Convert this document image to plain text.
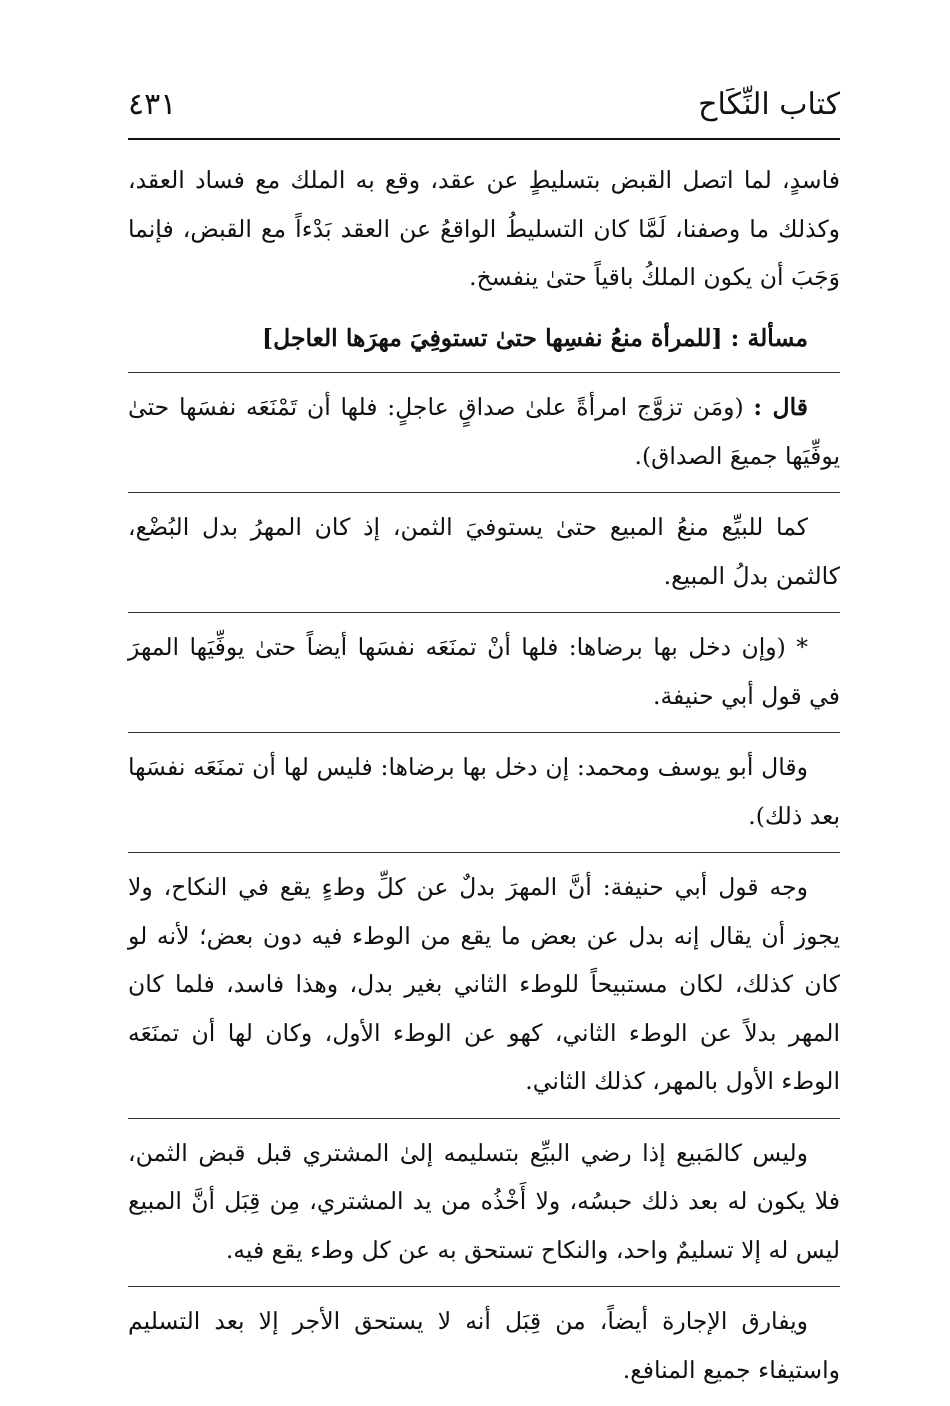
كتاب النِّكَاح
٤٣١

فاسدٍ، لما اتصل القبض بتسليطٍ عن عقد، وقع به الملك مع فساد العقد، وكذلك ما وصفنا، لَمَّا كان التسليطُ الواقعُ عن العقد بَدْءاً مع القبض، فإنما وَجَبَ أن يكون الملكُ باقياً حتىٰ ينفسخ.

مسألة : [للمرأة منعُ نفسِها حتىٰ تستوفِيَ مهرَها العاجل]

قال : (ومَن تزوَّج امرأةً علىٰ صداقٍ عاجلٍ: فلها أن تَمْنَعَه نفسَها حتىٰ يوفِّيَها جميعَ الصداق).

كما للبيِّع منعُ المبيع حتىٰ يستوفيَ الثمن، إذ كان المهرُ بدل البُضْع، كالثمن بدلُ المبيع.

* (وإن دخل بها برضاها: فلها أنْ تمنَعَه نفسَها أيضاً حتىٰ يوفِّيَها المهرَ في قول أبي حنيفة.

وقال أبو يوسف ومحمد: إن دخل بها برضاها: فليس لها أن تمنَعَه نفسَها بعد ذلك).

وجه قول أبي حنيفة: أنَّ المهرَ بدلٌ عن كلِّ وطءٍ يقع في النكاح، ولا يجوز أن يقال إنه بدل عن بعض ما يقع من الوطء فيه دون بعض؛ لأنه لو كان كذلك، لكان مستبيحاً للوطء الثاني بغير بدل، وهذا فاسد، فلما كان المهر بدلاً عن الوطء الثاني، كهو عن الوطء الأول، وكان لها أن تمنَعَه الوطء الأول بالمهر، كذلك الثاني.

وليس كالمَبيع إذا رضي البيِّع بتسليمه إلىٰ المشتري قبل قبض الثمن، فلا يكون له بعد ذلك حبسُه، ولا أَخْذُه من يد المشتري، مِن قِبَل أنَّ المبيع ليس له إلا تسليمٌ واحد، والنكاح تستحق به عن كل وطء يقع فيه.

ويفارق الإجارة أيضاً، من قِبَل أنه لا يستحق الأجر إلا بعد التسليم واستيفاء جميع المنافع.
